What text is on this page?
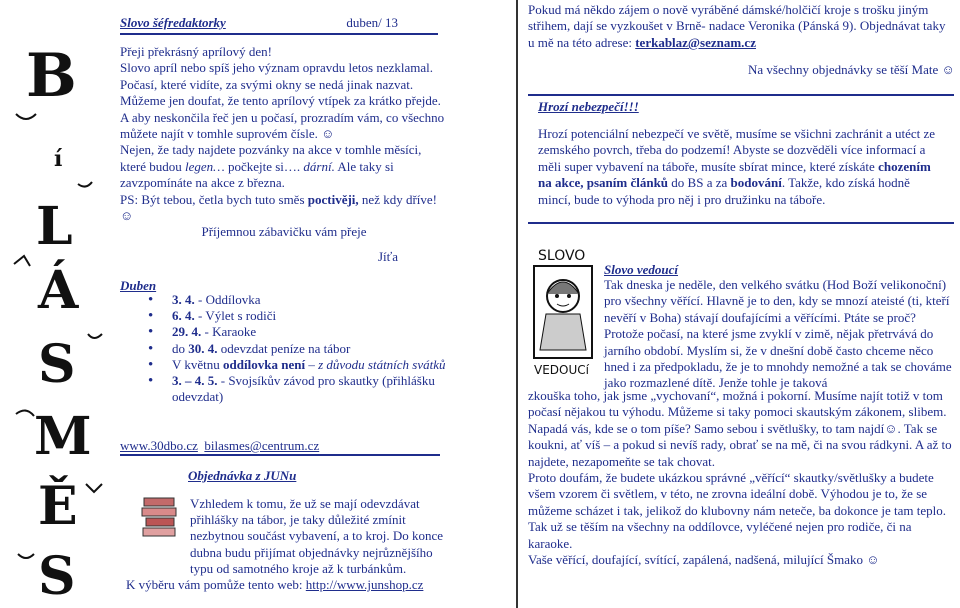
B
í
L
Á
S
M
Ě
S
Slovo šéfredaktorky	duben/ 13

Přeji překrásný aprílový den!

Slovo apríl nebo spíš jeho význam opravdu letos nezklamal. Počasí, které vidíte, za svými okny se nedá jinak nazvat. Můžeme jen doufat, že tento aprílový vtípek za krátko přejde.

A aby neskončila řeč jen u počasí, prozradím vám, co všechno můžete najít v tomhle suprovém čísle. ☺

Nejen, že tady najdete pozvánky na akce v tomhle měsíci, které budou legen… počkejte si…. dární. Ale taky si zavzpomínáte na akce z března.

PS: Být tebou, četla bych tuto směs poctivěji, než kdy dříve! ☺

Příjemnou zábavičku vám přeje

Jíťa

Duben
• 3. 4. - Oddílovka
• 6. 4. - Výlet s rodiči
• 29. 4. - Karaoke
• do 30. 4. odevzdat peníze na tábor
• V květnu oddílovka není – z důvodu státních svátků
• 3. – 4. 5. - Svojsíkův závod pro skautky (přihlášku odevzdat)
www.30dbo.cz bilasmes@centrum.cz
Objednávka z JUNu
Vzhledem k tomu, že už se mají odevzdávat přihlášky na tábor, je taky důležité zmínit nezbytnou součást vybavení, a to kroj. Do konce dubna budu přijímat objednávky nejrůznějšího typu od samotného kroje až k turbánkům.
K výběru vám pomůže tento web: http://www.junshop.cz
Pokud má někdo zájem o nově vyráběné dámské/holčičí kroje s trošku jiným střihem, dají se vyzkoušet v Brně- nadace Veronika (Pánská 9). Objednávat taky u mě na této adrese: terkablaz@seznam.cz
Na všechny objednávky se těší Mate ☺
Hrozí nebezpečí!!!
Hrozí potenciální nebezpečí ve světě, musíme se všichni zachránit a utéct ze zemského povrch, třeba do podzemí! Abyste se dozvěděli více informací a měli super vybavení na táboře, musíte sbírat mince, které získáte chozením na akce, psaním článků do BS a za bodování. Takže, kdo získá hodně mincí, bude to výhoda pro něj i pro družinku na táboře.
SLOVO
VEDOUCí
Slovo vedoucí
Tak dneska je neděle, den velkého svátku (Hod Boží velikonoční) pro všechny věřící. Hlavně je to den, kdy se mnozí ateisté (ti, kteří nevěří v Boha) stávají doufajícími a věřícími. Ptáte se proč? Protože počasí, na které jsme zvyklí v zimě, nějak přetrvává do jarního období. Myslím si, že v dnešní době často chceme něco hned i za předpokladu, že je to mnohdy nemožné a tak se chováme jako rozmazlené dítě. Jenže tohle je taková

zkouška toho, jak jsme „vychovaní“, možná i pokorní. Musíme najít totiž v tom počasí nějakou tu výhodu. Můžeme si taky pomoci skautským zákonem, slibem. Napadá vás, kde se o tom píše? Samo sebou i světlušky, to tam najdí☺. Tak se koukni, ať víš – a pokud si nevíš rady, obrať se na mě, či na svou rádkyni. A až to najdete, nezapomeňte se tak chovat.

Proto doufám, že budete ukázkou správné „věřící“ skautky/světlušky a budete všem vzorem či světlem, v této, ne zrovna ideální době. Výhodou je to, že se můžeme scházet i tak, jelikož do klubovny nám neteče, ba dokonce je tam teplo. Tak už se těším na všechny na oddílovce, vyléčené nejen pro rodiče, či na karaoke.

Vaše věřící, doufající, svítící, zapálená, nadšená, milující Šmako ☺
